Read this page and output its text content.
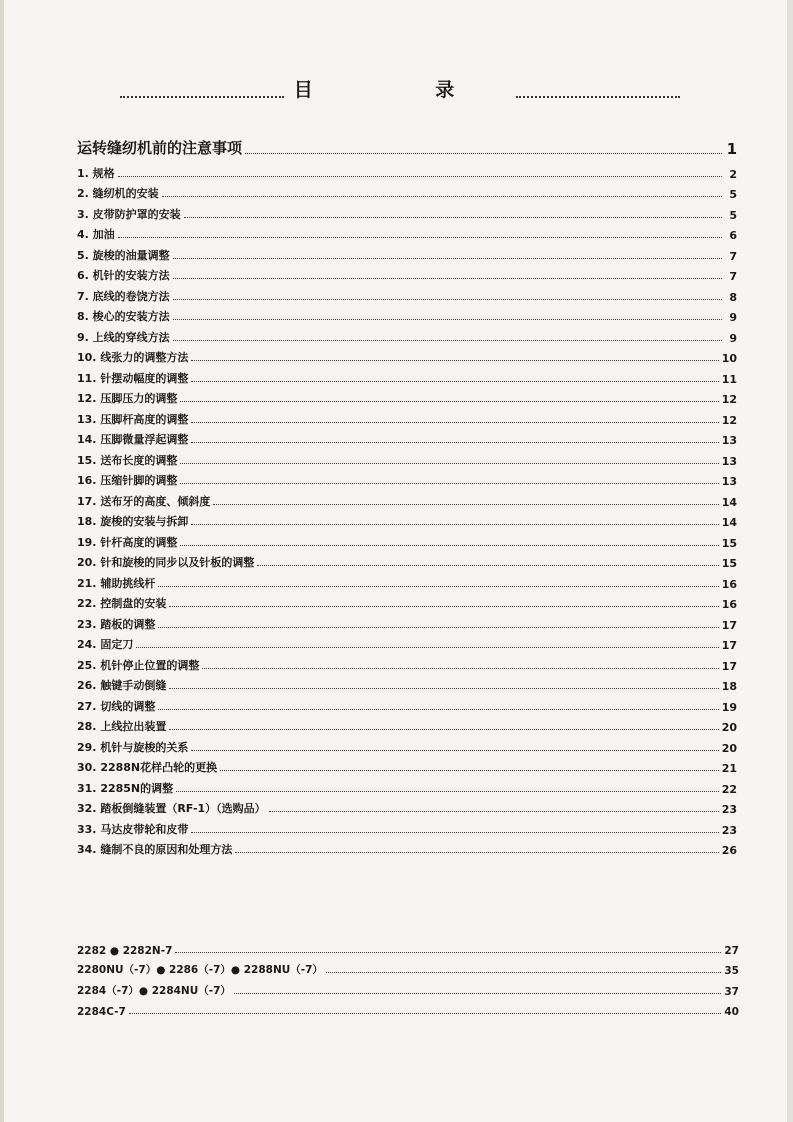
目 录
运转缝纫机前的注意事项	1
1. 规格	2
2. 缝纫机的安装	5
3. 皮带防护罩的安装	5
4. 加油	6
5. 旋梭的油量调整	7
6. 机针的安装方法	7
7. 底线的卷饶方法	8
8. 梭心的安装方法	9
9. 上线的穿线方法	9
10. 线张力的调整方法	10
11. 针摆动幅度的调整	11
12. 压脚压力的调整	12
13. 压脚杆高度的调整	12
14. 压脚微量浮起调整	13
15. 送布长度的调整	13
16. 压缩针脚的调整	13
17. 送布牙的高度、倾斜度	14
18. 旋梭的安装与拆卸	14
19. 针杆高度的调整	15
20. 针和旋梭的同步以及针板的调整	15
21. 辅助挑线杆	16
22. 控制盘的安装	16
23. 踏板的调整	17
24. 固定刀	17
25. 机针停止位置的调整	17
26. 触键手动倒缝	18
27. 切线的调整	19
28. 上线拉出装置	20
29. 机针与旋梭的关系	20
30. 2288N花样凸轮的更换	21
31. 2285N的调整	22
32. 踏板倒缝装置（RF-1）（选购品）	23
33. 马达皮带轮和皮带	23
34. 缝制不良的原因和处理方法	26
2282 ● 2282N-7	27
2280NU（-7）● 2286（-7）● 2288NU（-7）	35
2284（-7）● 2284NU（-7）	37
2284C-7	40
